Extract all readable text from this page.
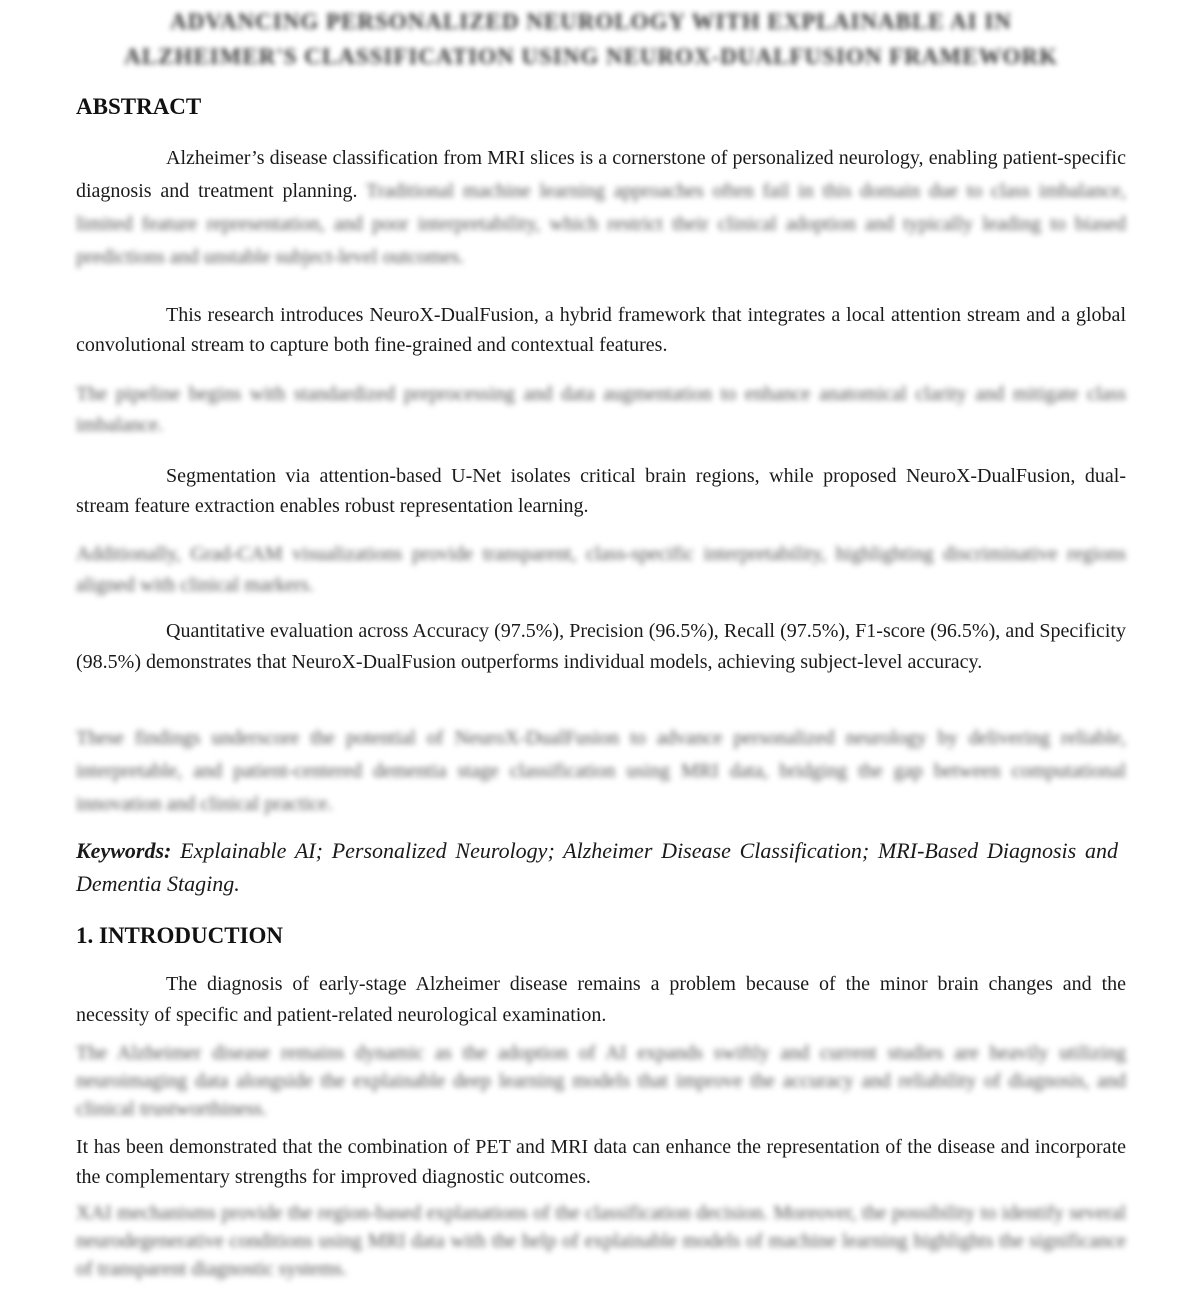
ADVANCING PERSONALIZED NEUROLOGY WITH EXPLAINABLE AI IN
ALZHEIMER'S CLASSIFICATION USING NEUROX-DUALFUSION FRAMEWORK
ABSTRACT

Alzheimer’s disease classification from MRI slices is a cornerstone of personalized neurology, enabling patient-specific diagnosis and treatment planning. Traditional machine learning approaches often fail in this domain due to class imbalance, limited feature representation, and poor interpretability, which restrict their clinical adoption and typically leading to biased predictions and unstable subject-level outcomes.

This research introduces NeuroX-DualFusion, a hybrid framework that integrates a local attention stream and a global convolutional stream to capture both fine-grained and contextual features.

The pipeline begins with standardized preprocessing and data augmentation to enhance anatomical clarity and mitigate class imbalance.

Segmentation via attention-based U-Net isolates critical brain regions, while proposed NeuroX-DualFusion, dual-stream feature extraction enables robust representation learning.

Additionally, Grad-CAM visualizations provide transparent, class-specific interpretability, highlighting discriminative regions aligned with clinical markers.

Quantitative evaluation across Accuracy (97.5%), Precision (96.5%), Recall (97.5%), F1-score (96.5%), and Specificity (98.5%) demonstrates that NeuroX-DualFusion outperforms individual models, achieving subject-level accuracy.

These findings underscore the potential of NeuroX-DualFusion to advance personalized neurology by delivering reliable, interpretable, and patient-centered dementia stage classification using MRI data, bridging the gap between computational innovation and clinical practice.

Keywords: Explainable AI; Personalized Neurology; Alzheimer Disease Classification; MRI-Based Diagnosis and Dementia Staging.

1. INTRODUCTION

The diagnosis of early-stage Alzheimer disease remains a problem because of the minor brain changes and the necessity of specific and patient-related neurological examination.

The Alzheimer disease remains dynamic as the adoption of AI expands swiftly and current studies are heavily utilizing neuroimaging data alongside the explainable deep learning models that improve the accuracy and reliability of diagnosis, and clinical trustworthiness.

It has been demonstrated that the combination of PET and MRI data can enhance the representation of the disease and incorporate the complementary strengths for improved diagnostic outcomes.

XAI mechanisms provide the region-based explanations of the classification decision. Moreover, the possibility to identify several neurodegenerative conditions using MRI data with the help of explainable models of machine learning highlights the significance of transparent diagnostic systems.
